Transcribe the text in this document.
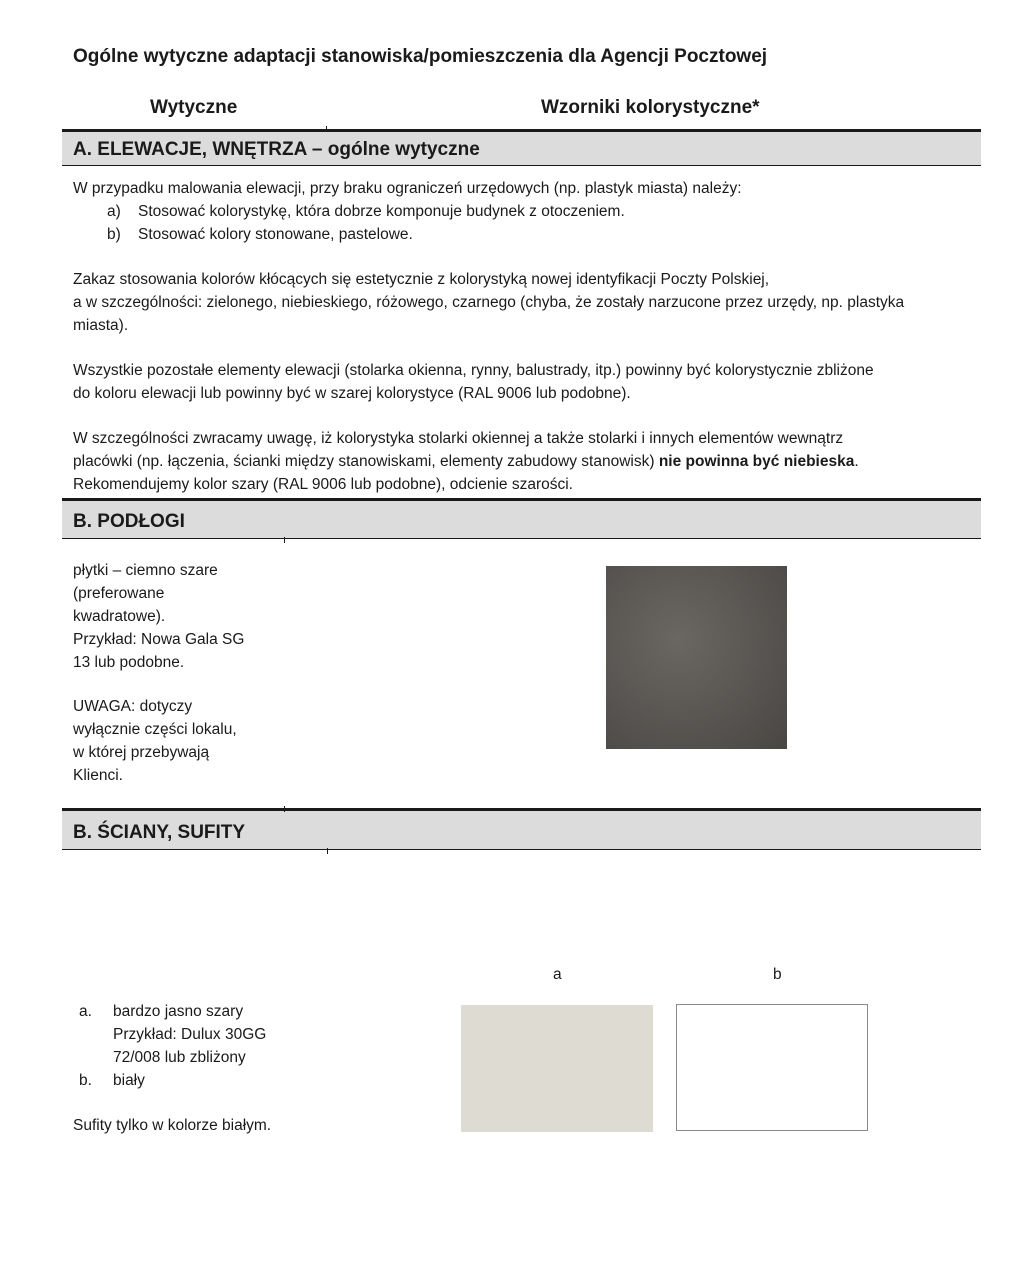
Ogólne wytyczne adaptacji stanowiska/pomieszczenia dla Agencji Pocztowej
Wytyczne	Wzorniki kolorystyczne*
A. ELEWACJE, WNĘTRZA – ogólne wytyczne
W przypadku malowania elewacji, przy braku ograniczeń urzędowych (np. plastyk miasta) należy:
a) Stosować kolorystykę, która dobrze komponuje budynek z otoczeniem.
b) Stosować kolory stonowane, pastelowe.
Zakaz stosowania kolorów kłócących się estetycznie z kolorystyką nowej identyfikacji Poczty Polskiej,
a w szczególności: zielonego, niebieskiego, różowego, czarnego (chyba, że zostały narzucone przez urzędy, np. plastyka
miasta).
Wszystkie pozostałe elementy elewacji (stolarka okienna, rynny, balustrady, itp.) powinny być kolorystycznie zbliżone
do koloru elewacji lub powinny być w szarej kolorystyce (RAL 9006 lub podobne).
W szczególności zwracamy uwagę, iż kolorystyka stolarki okiennej a także stolarki i innych elementów wewnątrz
placówki (np. łączenia, ścianki między stanowiskami, elementy zabudowy stanowisk) nie powinna być niebieska.
Rekomendujemy kolor szary (RAL 9006 lub podobne), odcienie szarości.
B. PODŁOGI
płytki – ciemno szare
(preferowane
kwadratowe).
Przykład: Nowa Gala SG
13 lub podobne.
UWAGA: dotyczy
wyłącznie części lokalu,
w której przebywają
Klienci.
B. ŚCIANY, SUFITY
a	b
a. bardzo jasno szary
Przykład: Dulux 30GG
72/008 lub zbliżony
b. biały
Sufity tylko w kolorze białym.
